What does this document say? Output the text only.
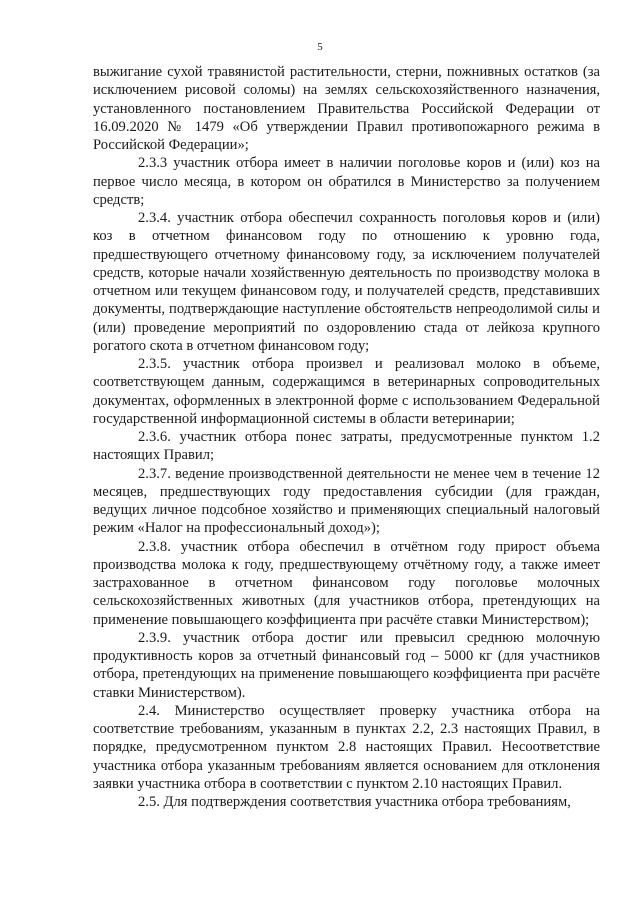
5

выжигание сухой травянистой растительности, стерни, пожнивных остатков (за исключением рисовой соломы) на землях сельскохозяйственного назначения, установленного постановлением Правительства Российской Федерации от 16.09.2020 № 1479 «Об утверждении Правил противопожарного режима в Российской Федерации»;

2.3.3 участник отбора имеет в наличии поголовье коров и (или) коз на первое число месяца, в котором он обратился в Министерство за получением средств;

2.3.4. участник отбора обеспечил сохранность поголовья коров и (или) коз в отчетном финансовом году по отношению к уровню года, предшествующего отчетному финансовому году, за исключением получателей средств, которые начали хозяйственную деятельность по производству молока в отчетном или текущем финансовом году, и получателей средств, представивших документы, подтверждающие наступление обстоятельств непреодолимой силы и (или) проведение мероприятий по оздоровлению стада от лейкоза крупного рогатого скота в отчетном финансовом году;

2.3.5. участник отбора произвел и реализовал молоко в объеме, соответствующем данным, содержащимся в ветеринарных сопроводительных документах, оформленных в электронной форме с использованием Федеральной государственной информационной системы в области ветеринарии;

2.3.6. участник отбора понес затраты, предусмотренные пунктом 1.2 настоящих Правил;

2.3.7. ведение производственной деятельности не менее чем в течение 12 месяцев, предшествующих году предоставления субсидии (для граждан, ведущих личное подсобное хозяйство и применяющих специальный налоговый режим «Налог на профессиональный доход»);

2.3.8. участник отбора обеспечил в отчётном году прирост объема производства молока к году, предшествующему отчётному году, а также имеет застрахованное в отчетном финансовом году поголовье молочных сельскохозяйственных животных (для участников отбора, претендующих на применение повышающего коэффициента при расчёте ставки Министерством);

2.3.9. участник отбора достиг или превысил среднюю молочную продуктивность коров за отчетный финансовый год – 5000 кг (для участников отбора, претендующих на применение повышающего коэффициента при расчёте ставки Министерством).

2.4. Министерство осуществляет проверку участника отбора на соответствие требованиям, указанным в пунктах 2.2, 2.3 настоящих Правил, в порядке, предусмотренном пунктом 2.8 настоящих Правил. Несоответствие участника отбора указанным требованиям является основанием для отклонения заявки участника отбора в соответствии с пунктом 2.10 настоящих Правил.

2.5. Для подтверждения соответствия участника отбора требованиям,
